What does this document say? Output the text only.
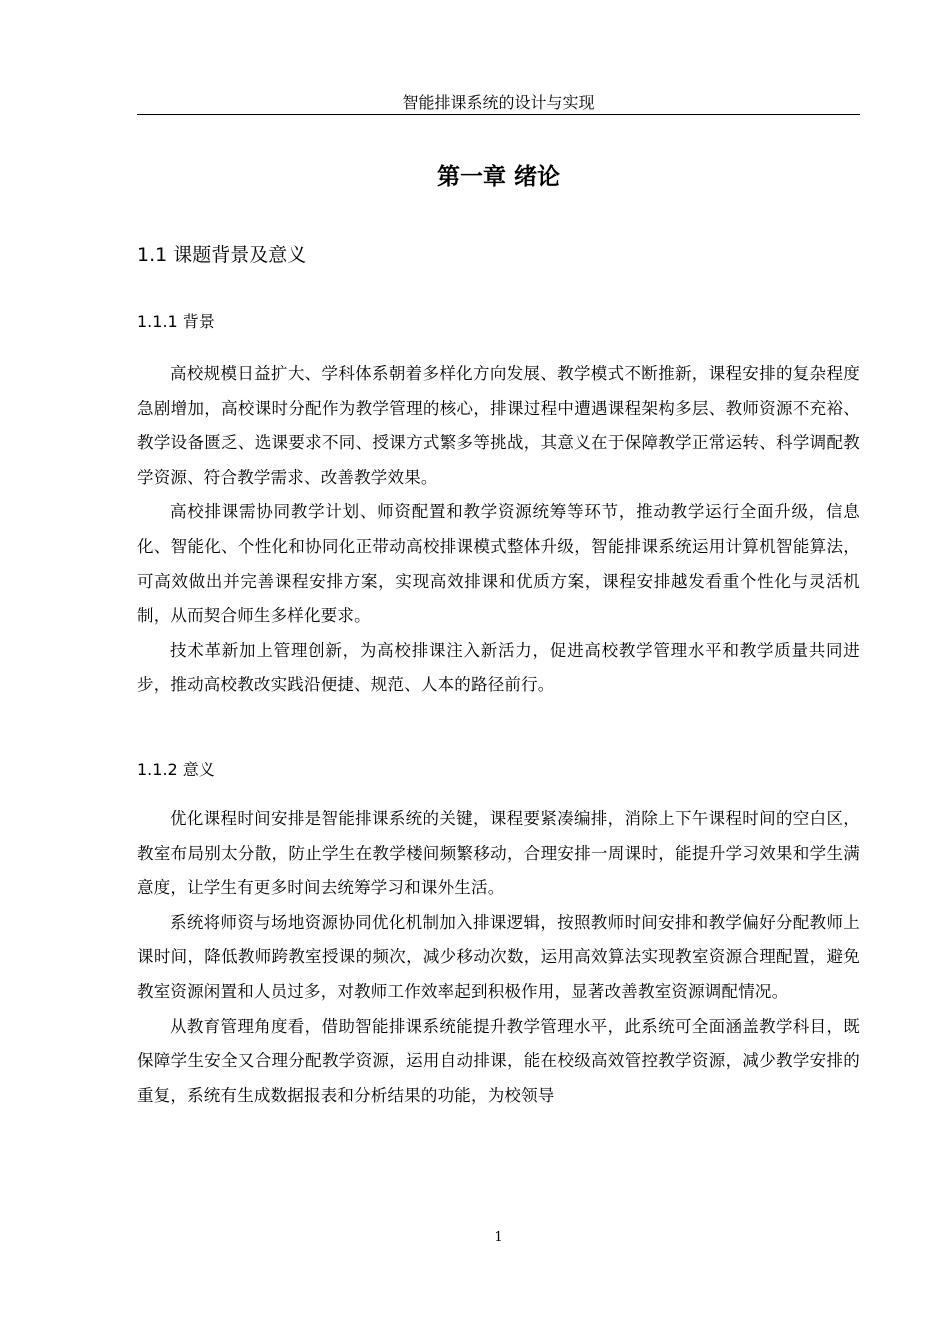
智能排课系统的设计与实现
第一章 绪论
1.1 课题背景及意义
1.1.1 背景

高校规模日益扩大、学科体系朝着多样化方向发展、教学模式不断推新，课程安排的复杂程度急剧增加，高校课时分配作为教学管理的核心，排课过程中遭遇课程架构多层、教师资源不充裕、教学设备匮乏、选课要求不同、授课方式繁多等挑战，其意义在于保障教学正常运转、科学调配教学资源、符合教学需求、改善教学效果。

高校排课需协同教学计划、师资配置和教学资源统筹等环节，推动教学运行全面升级，信息化、智能化、个性化和协同化正带动高校排课模式整体升级，智能排课系统运用计算机智能算法，可高效做出并完善课程安排方案，实现高效排课和优质方案，课程安排越发看重个性化与灵活机制，从而契合师生多样化要求。

技术革新加上管理创新，为高校排课注入新活力，促进高校教学管理水平和教学质量共同进步，推动高校教改实践沿便捷、规范、人本的路径前行。

1.1.2 意义

优化课程时间安排是智能排课系统的关键，课程要紧凑编排，消除上下午课程时间的空白区，教室布局别太分散，防止学生在教学楼间频繁移动，合理安排一周课时，能提升学习效果和学生满意度，让学生有更多时间去统筹学习和课外生活。

系统将师资与场地资源协同优化机制加入排课逻辑，按照教师时间安排和教学偏好分配教师上课时间，降低教师跨教室授课的频次，减少移动次数，运用高效算法实现教室资源合理配置，避免教室资源闲置和人员过多，对教师工作效率起到积极作用，显著改善教室资源调配情况。

从教育管理角度看，借助智能排课系统能提升教学管理水平，此系统可全面涵盖教学科目，既保障学生安全又合理分配教学资源，运用自动排课，能在校级高效管控教学资源，减少教学安排的重复，系统有生成数据报表和分析结果的功能，为校领导

1
